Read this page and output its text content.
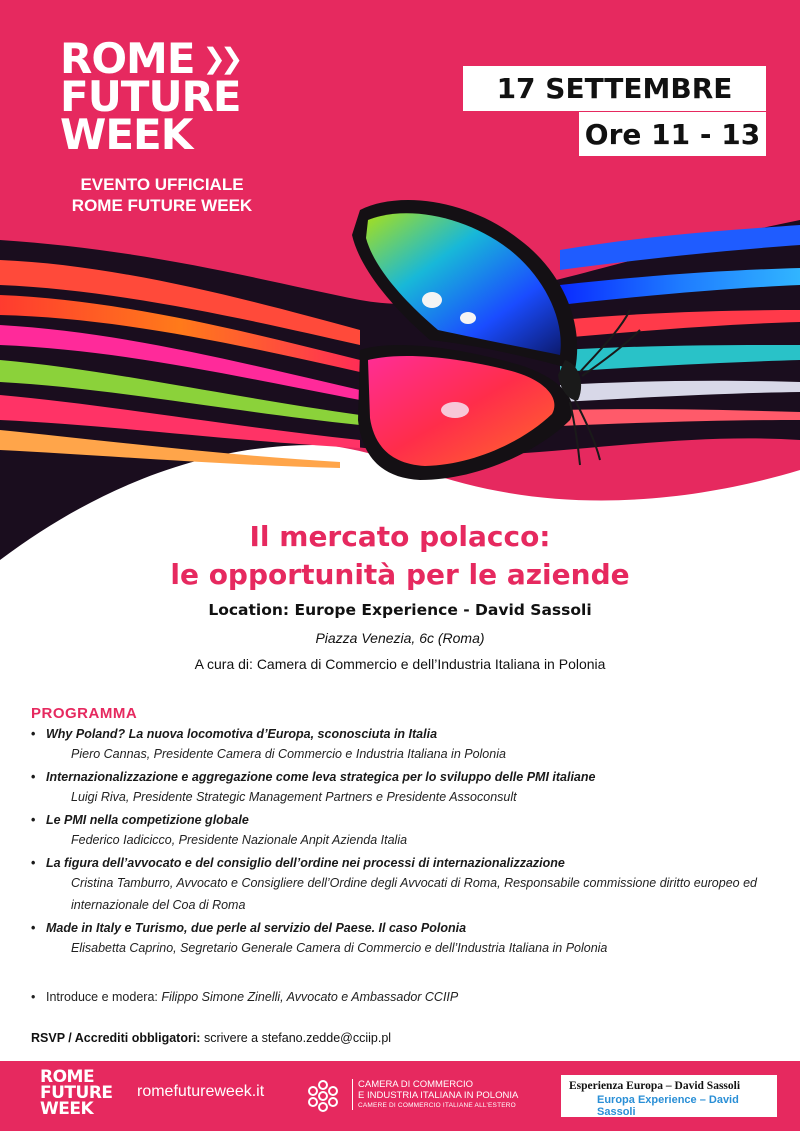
ROME ❯❯
FUTURE
WEEK
EVENTO UFFICIALE
ROME FUTURE WEEK
17 SETTEMBRE
Ore 11 - 13
Il mercato polacco:
le opportunità per le aziende
Location: Europe Experience - David Sassoli
Piazza Venezia, 6c (Roma)
A cura di: Camera di Commercio e dell’Industria Italiana in Polonia
PROGRAMMA
• Why Poland? La nuova locomotiva d’Europa, sconosciuta in Italia
Piero Cannas, Presidente Camera di Commercio e Industria Italiana in Polonia
• Internazionalizzazione e aggregazione come leva strategica per lo sviluppo delle PMI italiane
Luigi Riva, Presidente Strategic Management Partners e Presidente Assoconsult
• Le PMI nella competizione globale
Federico Iadicicco, Presidente Nazionale Anpit Azienda Italia
• La figura dell’avvocato e del consiglio dell’ordine nei processi di internazionalizzazione
Cristina Tamburro, Avvocato e Consigliere dell’Ordine degli Avvocati di Roma, Responsabile commissione diritto europeo ed internazionale del Coa di Roma
• Made in Italy e Turismo, due perle al servizio del Paese. Il caso Polonia
Elisabetta Caprino, Segretario Generale Camera di Commercio e dell’Industria Italiana in Polonia
• Introduce e modera: Filippo Simone Zinelli, Avvocato e Ambassador CCIIP
RSVP / Accrediti obbligatori: scrivere a stefano.zedde@cciip.pl
ROME
FUTURE
WEEK
romefutureweek.it	CAMERA DI COMMERCIO
E INDUSTRIA ITALIANA IN POLONIA
CAMERE DI COMMERCIO ITALIANE ALL’ESTERO
Esperienza Europa – David Sassoli
Europa Experience – David Sassoli
